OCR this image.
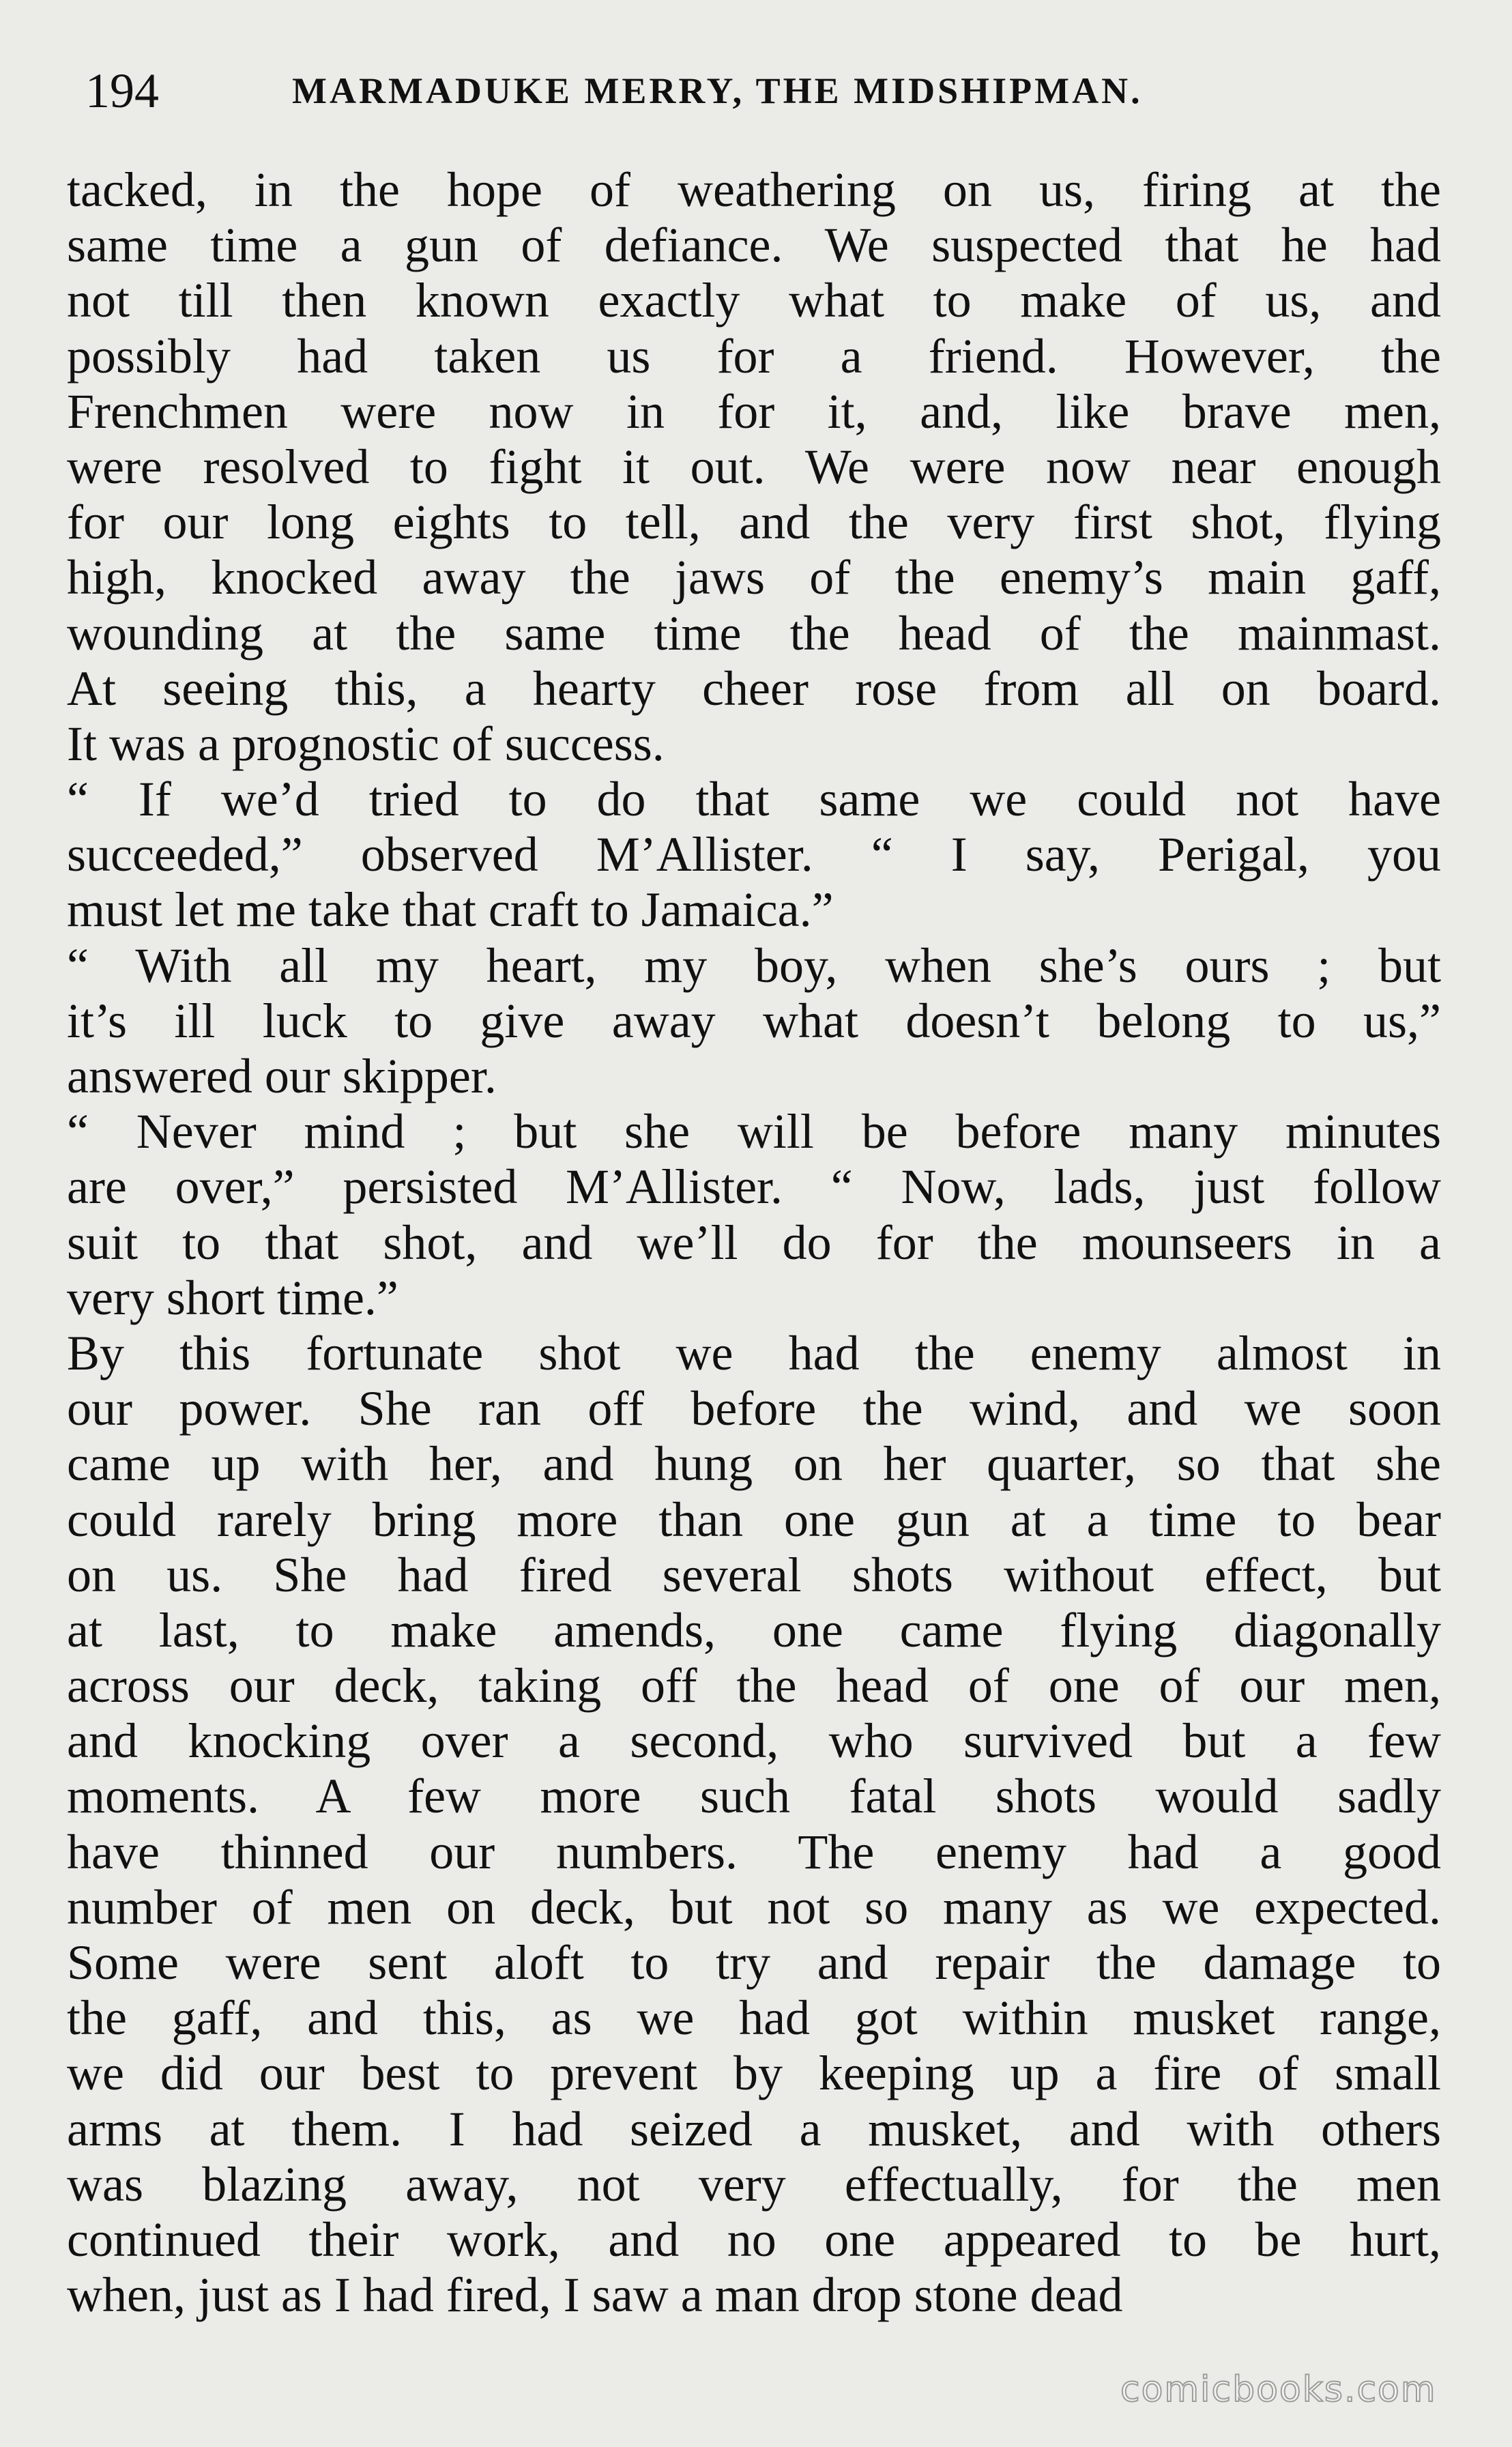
194	MARMADUKE MERRY, THE MIDSHIPMAN.
tacked, in the hope of weathering on us, firing at the
same time a gun of defiance. We suspected that he had
not till then known exactly what to make of us, and
possibly had taken us for a friend. However, the
Frenchmen were now in for it, and, like brave men,
were resolved to fight it out. We were now near enough
for our long eights to tell, and the very first shot, flying
high, knocked away the jaws of the enemy’s main gaff,
wounding at the same time the head of the mainmast.
At seeing this, a hearty cheer rose from all on board.
It was a prognostic of success.
“ If we’d tried to do that same we could not have
succeeded,” observed M’Allister. “ I say, Perigal, you
must let me take that craft to Jamaica.”
“ With all my heart, my boy, when she’s ours ; but
it’s ill luck to give away what doesn’t belong to us,”
answered our skipper.
“ Never mind ; but she will be before many minutes
are over,” persisted M’Allister. “ Now, lads, just follow
suit to that shot, and we’ll do for the mounseers in a
very short time.”
By this fortunate shot we had the enemy almost in
our power. She ran off before the wind, and we soon
came up with her, and hung on her quarter, so that she
could rarely bring more than one gun at a time to bear
on us. She had fired several shots without effect, but
at last, to make amends, one came flying diagonally
across our deck, taking off the head of one of our men,
and knocking over a second, who survived but a few
moments. A few more such fatal shots would sadly
have thinned our numbers. The enemy had a good
number of men on deck, but not so many as we expected.
Some were sent aloft to try and repair the damage to
the gaff, and this, as we had got within musket range,
we did our best to prevent by keeping up a fire of small
arms at them. I had seized a musket, and with others
was blazing away, not very effectually, for the men
continued their work, and no one appeared to be hurt,
when, just as I had fired, I saw a man drop stone dead
comicbooks.com
